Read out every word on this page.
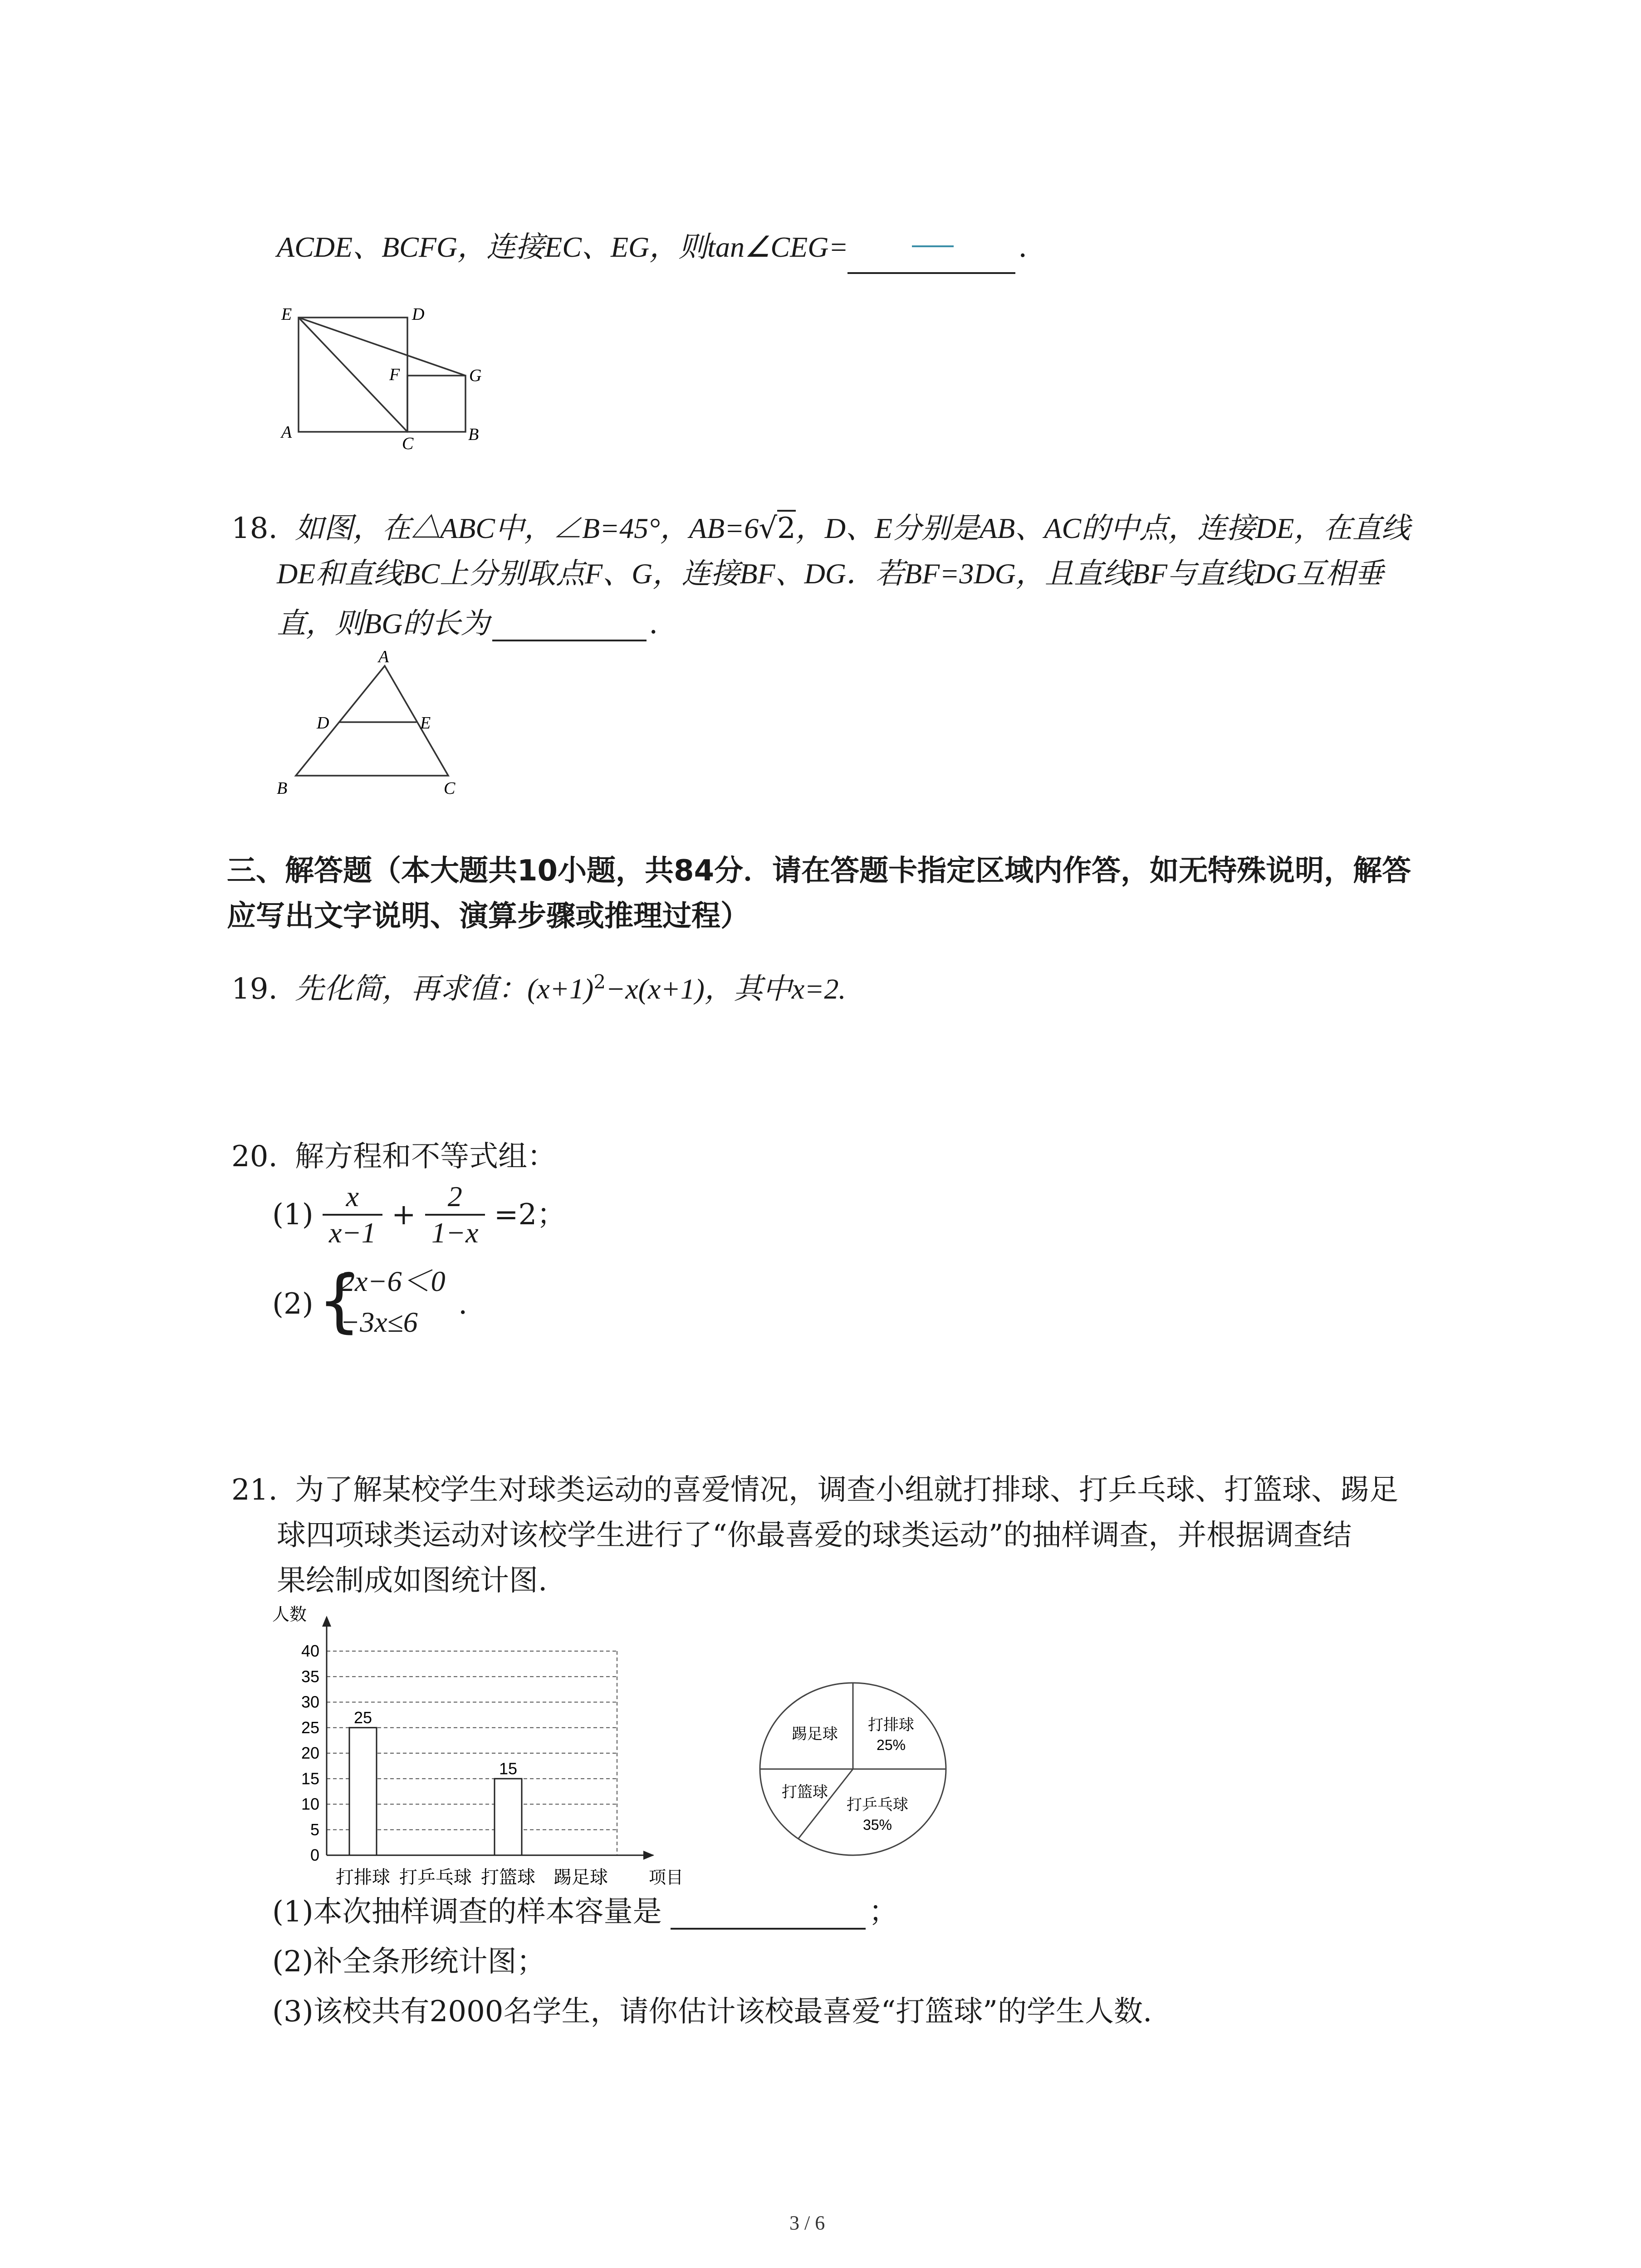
ACDE、BCFG，连接EC、EG，则tan∠CEG=	.
E	D
F	G
A
C	B
18. 如图，在△ABC中，∠B=45°，AB=6√2，D、E分别是AB、AC的中点，连接DE，在直线
DE和直线BC上分别取点F、G，连接BF、DG．若BF=3DG，且直线BF与直线DG互相垂
直，则BG的长为	.
A
D	E
B	C
三、解答题（本大题共10小题，共84分．请在答题卡指定区域内作答，如无特殊说明，解答
应写出文字说明、演算步骤或推理过程）
19. 先化简，再求值：$(x+1)^2-x(x+1)$，其中x=2.
20. 解方程和不等式组：
$(1) \frac{x}{x-1} + \frac{2}{1-x} =2$；
(2) {
2x−6＜0
−3x≤6
.
21. 为了解某校学生对球类运动的喜爱情况，调查小组就打排球、打乒乓球、打篮球、踢足
球四项球类运动对该校学生进行了“你最喜爱的球类运动”的抽样调查，并根据调查结
果绘制成如图统计图.
0
5
10
15
20
25
30
35
40
人数
项目
打排球
25
打乒乓球 打篮球
15
踢足球
打排球
25%
打乒乓球
35%
打篮球
踢足球
(1)本次抽样调查的样本容量是	；
(2)补全条形统计图；
(3)该校共有2000名学生，请你估计该校最喜爱“打篮球”的学生人数.
3 / 6
